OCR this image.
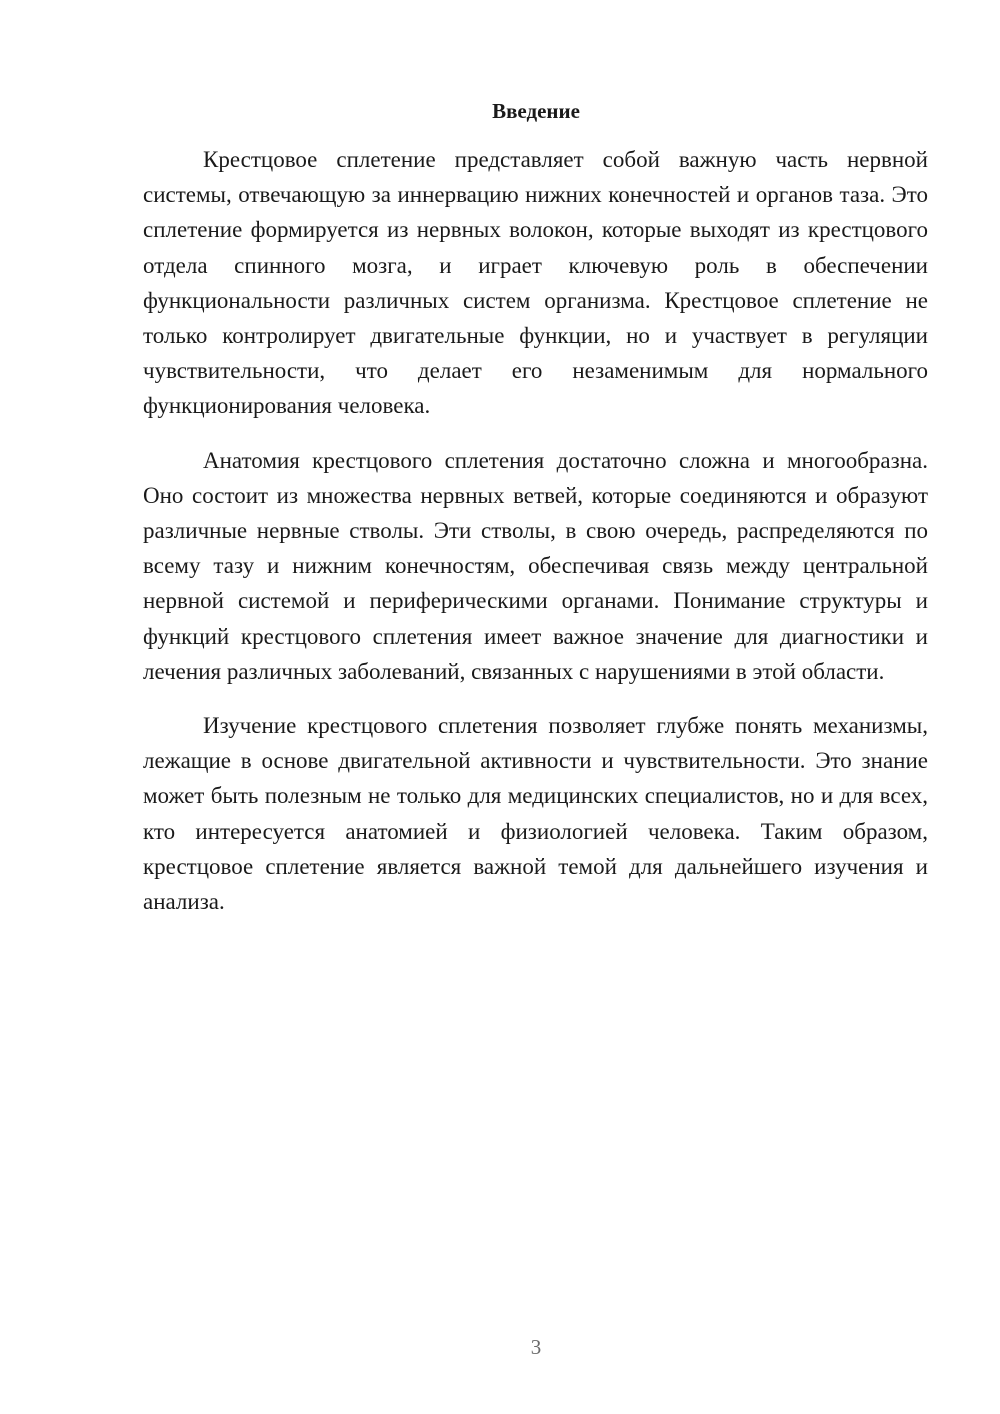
Введение

Крестцовое сплетение представляет собой важную часть нервной системы, отвечающую за иннервацию нижних конечностей и органов таза. Это сплетение формируется из нервных волокон, которые выходят из крестцового отдела спинного мозга, и играет ключевую роль в обеспечении функциональности различных систем организма. Крестцовое сплетение не только контролирует двигательные функции, но и участвует в регуляции чувствительности, что делает его незаменимым для нормального функционирования человека.

Анатомия крестцового сплетения достаточно сложна и многообразна. Оно состоит из множества нервных ветвей, которые соединяются и образуют различные нервные стволы. Эти стволы, в свою очередь, распределяются по всему тазу и нижним конечностям, обеспечивая связь между центральной нервной системой и периферическими органами. Понимание структуры и функций крестцового сплетения имеет важное значение для диагностики и лечения различных заболеваний, связанных с нарушениями в этой области.

Изучение крестцового сплетения позволяет глубже понять механизмы, лежащие в основе двигательной активности и чувствительности. Это знание может быть полезным не только для медицинских специалистов, но и для всех, кто интересуется анатомией и физиологией человека. Таким образом, крестцовое сплетение является важной темой для дальнейшего изучения и анализа.

3
